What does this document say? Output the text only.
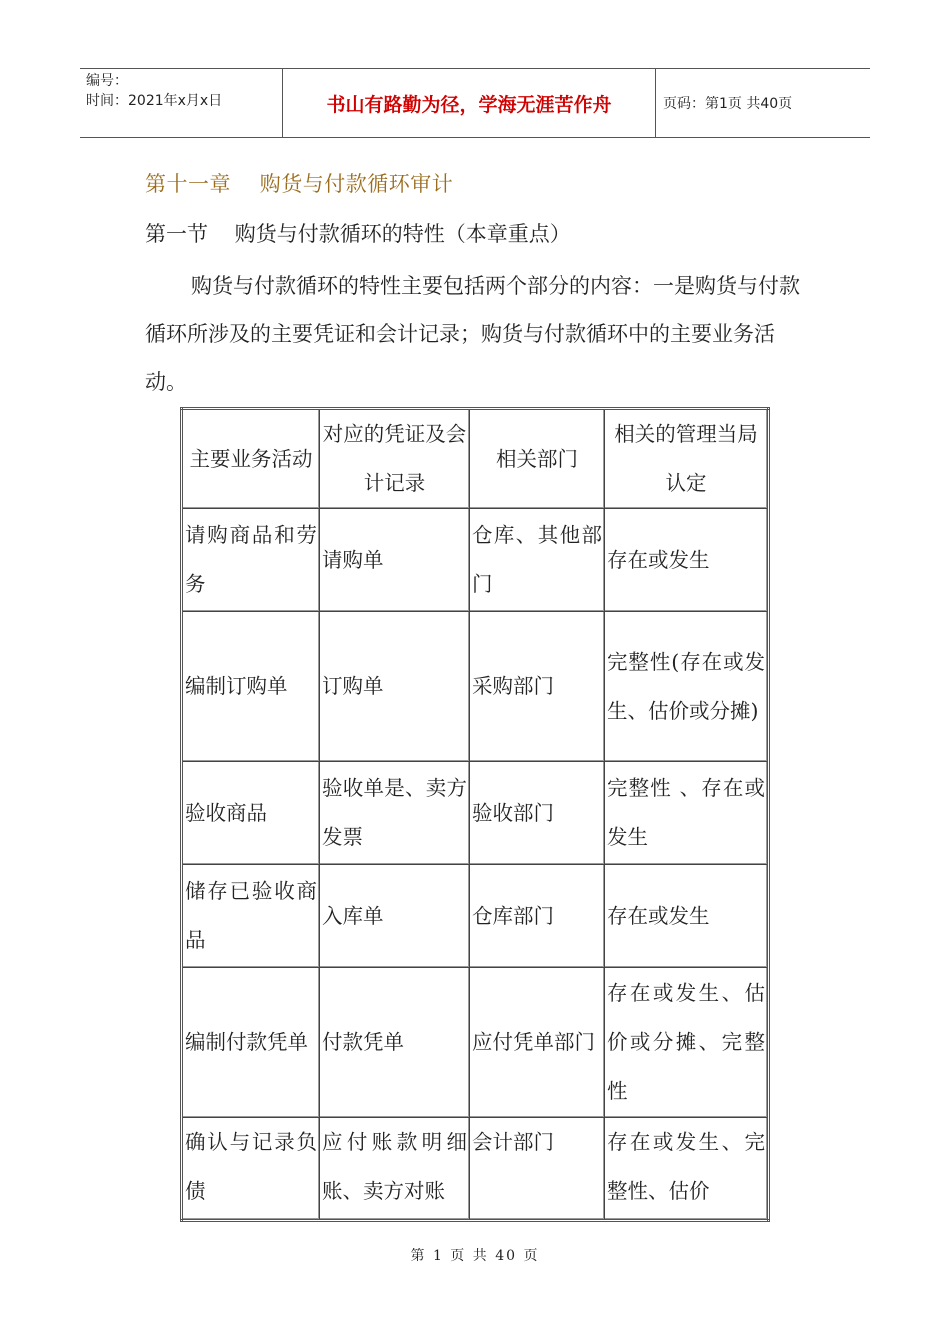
编号：
时间：2021年x月x日	书山有路勤为径，学海无涯苦作舟	页码：第1页 共40页
第十一章    购货与付款循环审计
第一节    购货与付款循环的特性（本章重点）
购货与付款循环的特性主要包括两个部分的内容：一是购货与付款循环所涉及的主要凭证和会计记录；购货与付款循环中的主要业务活动。
主要业务活动	对应的凭证及会计记录	相关部门	相关的管理当局认定
请购商品和劳务	请购单	仓库、其他部门	存在或发生
编制订购单	订购单	采购部门	完整性(存在或发生、估价或分摊)
验收商品	验收单是、卖方发票	验收部门	完整性 、存在或发生
储存已验收商品	入库单	仓库部门	存在或发生
编制付款凭单	付款凭单	应付凭单部门	存在或发生、估价或分摊、完整性
确认与记录负债	应付账款明细账、卖方对账	会计部门	存在或发生、完整性、估价
第 1 页 共 40 页
